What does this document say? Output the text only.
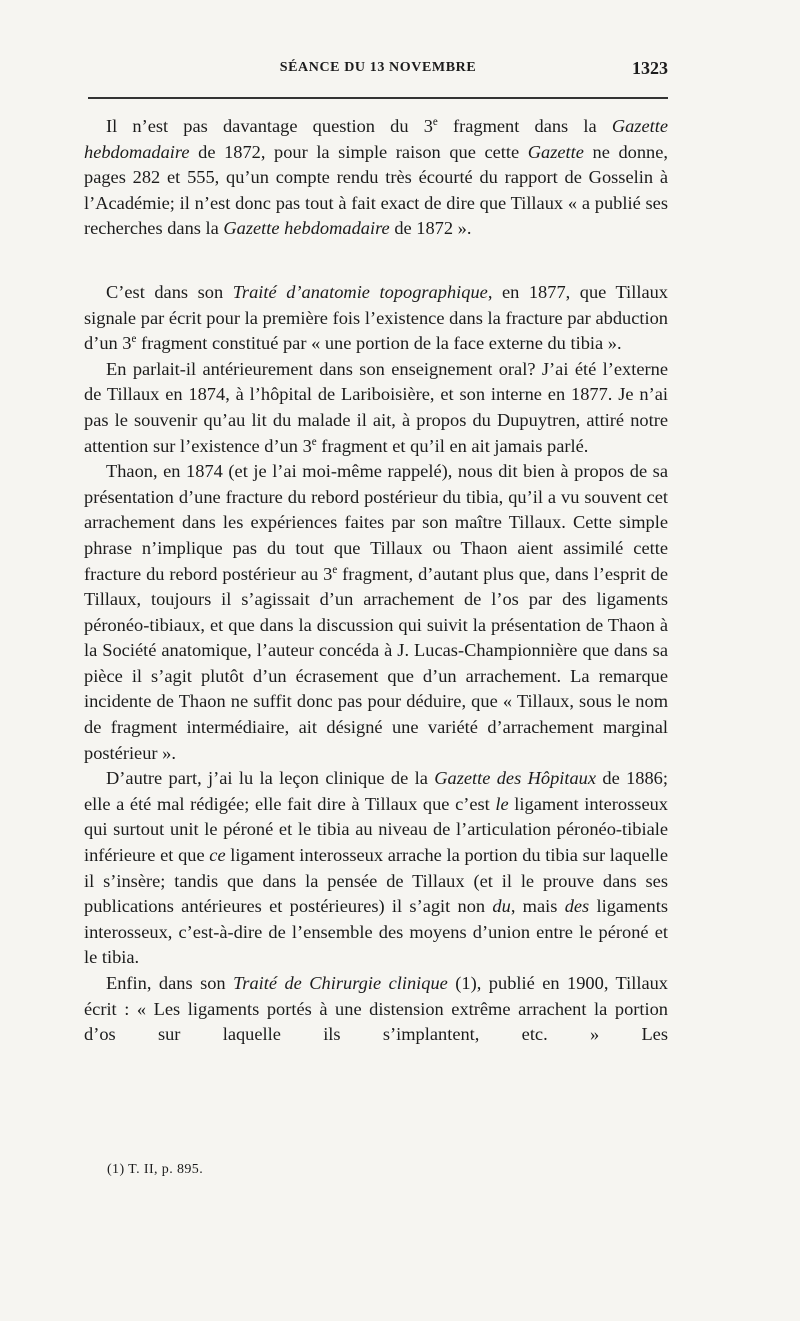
SÉANCE DU 13 NOVEMBRE	1323

Il n’est pas davantage question du 3e fragment dans la Gazette hebdomadaire de 1872, pour la simple raison que cette Gazette ne donne, pages 282 et 555, qu’un compte rendu très écourté du rapport de Gosselin à l’Académie; il n’est donc pas tout à fait exact de dire que Tillaux « a publié ses recherches dans la Gazette hebdomadaire de 1872 ».

C’est dans son Traité d’anatomie topographique, en 1877, que Tillaux signale par écrit pour la première fois l’existence dans la fracture par abduction d’un 3e fragment constitué par « une portion de la face externe du tibia ».

En parlait-il antérieurement dans son enseignement oral? J’ai été l’externe de Tillaux en 1874, à l’hôpital de Lariboisière, et son interne en 1877. Je n’ai pas le souvenir qu’au lit du malade il ait, à propos du Dupuytren, attiré notre attention sur l’existence d’un 3e fragment et qu’il en ait jamais parlé.

Thaon, en 1874 (et je l’ai moi-même rappelé), nous dit bien à propos de sa présentation d’une fracture du rebord postérieur du tibia, qu’il a vu souvent cet arrachement dans les expériences faites par son maître Tillaux. Cette simple phrase n’implique pas du tout que Tillaux ou Thaon aient assimilé cette fracture du rebord postérieur au 3e fragment, d’autant plus que, dans l’esprit de Tillaux, toujours il s’agissait d’un arrachement de l’os par des ligaments péronéo-tibiaux, et que dans la discussion qui suivit la présentation de Thaon à la Société anatomique, l’auteur concéda à J. Lucas-Championnière que dans sa pièce il s’agit plutôt d’un écrasement que d’un arrachement. La remarque incidente de Thaon ne suffit donc pas pour déduire, que « Tillaux, sous le nom de fragment intermédiaire, ait désigné une variété d’arrachement marginal postérieur ».

D’autre part, j’ai lu la leçon clinique de la Gazette des Hôpitaux de 1886; elle a été mal rédigée; elle fait dire à Tillaux que c’est le ligament interosseux qui surtout unit le péroné et le tibia au niveau de l’articulation péronéo-tibiale inférieure et que ce ligament interosseux arrache la portion du tibia sur laquelle il s’insère; tandis que dans la pensée de Tillaux (et il le prouve dans ses publications antérieures et postérieures) il s’agit non du, mais des ligaments interosseux, c’est-à-dire de l’ensemble des moyens d’union entre le péroné et le tibia.

Enfin, dans son Traité de Chirurgie clinique (1), publié en 1900, Tillaux écrit : « Les ligaments portés à une distension extrême arrachent la portion d’os sur laquelle ils s’implantent, etc. » Les

(1) T. II, p. 895.
